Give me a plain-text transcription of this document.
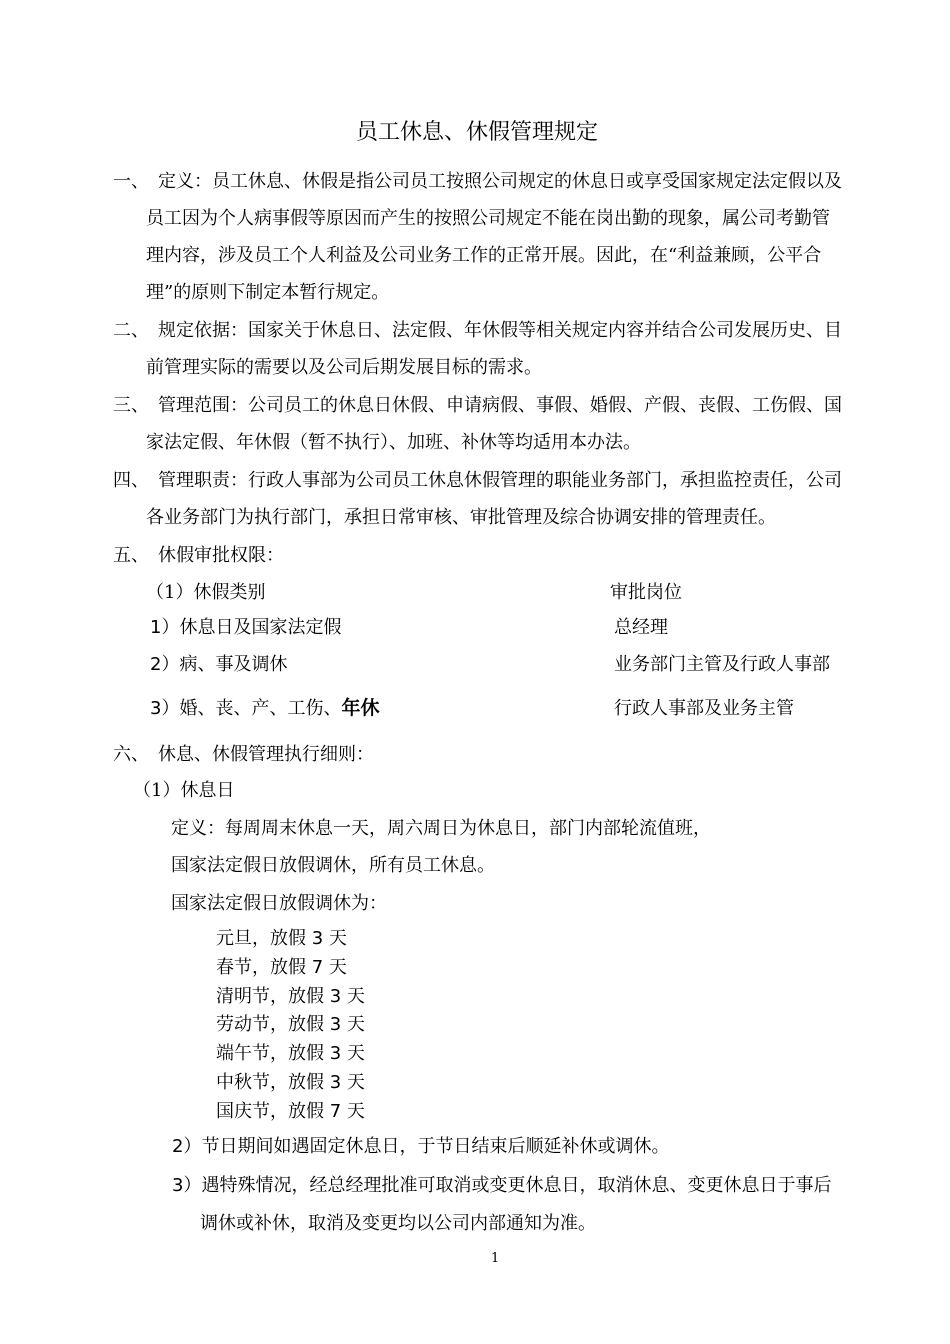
员工休息、休假管理规定
一、 定义：员工休息、休假是指公司员工按照公司规定的休息日或享受国家规定法定假以及
员工因为个人病事假等原因而产生的按照公司规定不能在岗出勤的现象，属公司考勤管
理内容，涉及员工个人利益及公司业务工作的正常开展。因此，在“利益兼顾，公平合
理”的原则下制定本暂行规定。
二、 规定依据：国家关于休息日、法定假、年休假等相关规定内容并结合公司发展历史、目
前管理实际的需要以及公司后期发展目标的需求。
三、 管理范围：公司员工的休息日休假、申请病假、事假、婚假、产假、丧假、工伤假、国
家法定假、年休假（暂不执行）、加班、补休等均适用本办法。
四、 管理职责：行政人事部为公司员工休息休假管理的职能业务部门，承担监控责任，公司
各业务部门为执行部门，承担日常审核、审批管理及综合协调安排的管理责任。
五、 休假审批权限：
（1）休假类别	审批岗位
1）休息日及国家法定假	总经理
2）病、事及调休	业务部门主管及行政人事部
3）婚、丧、产、工伤、年休	行政人事部及业务主管
六、 休息、休假管理执行细则：
（1）休息日
定义：每周周末休息一天，周六周日为休息日，部门内部轮流值班，
国家法定假日放假调休，所有员工休息。
国家法定假日放假调休为：
元旦，放假 3 天
春节，放假 7 天
清明节，放假 3 天
劳动节，放假 3 天
端午节，放假 3 天
中秋节，放假 3 天
国庆节，放假 7 天
2）节日期间如遇固定休息日，于节日结束后顺延补休或调休。
3）遇特殊情况，经总经理批准可取消或变更休息日，取消休息、变更休息日于事后
调休或补休，取消及变更均以公司内部通知为准。
1
